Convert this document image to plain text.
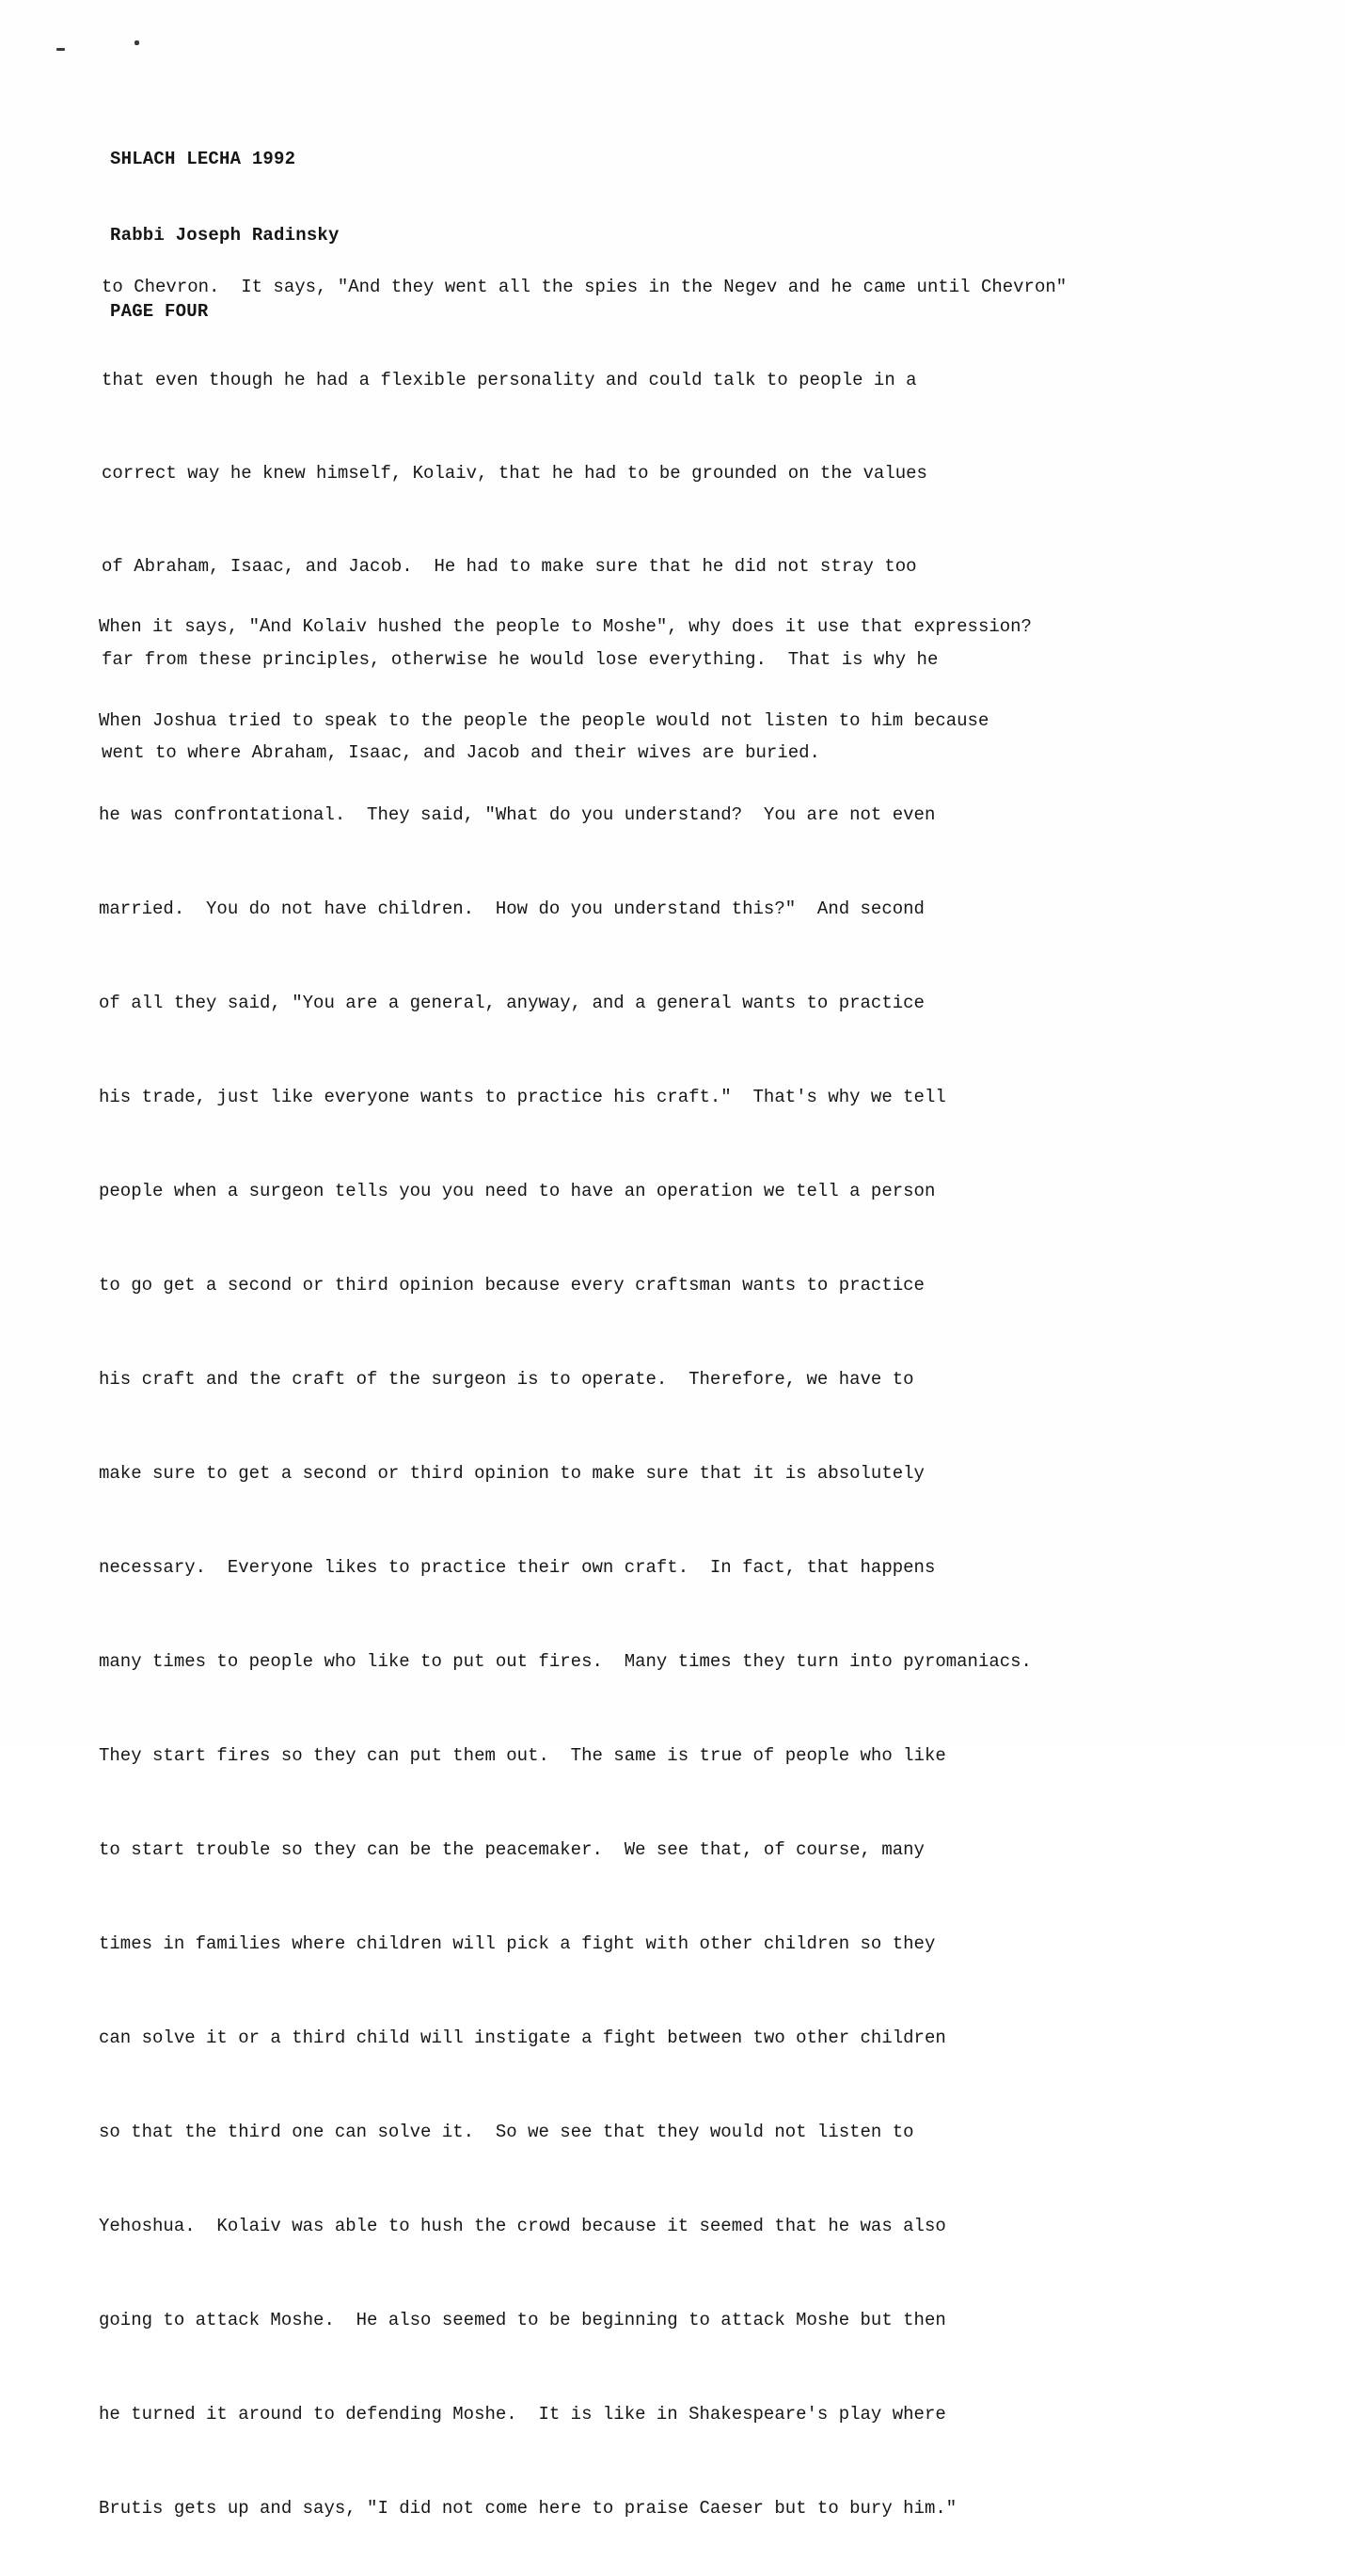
SHLACH LECHA 1992

Rabbi Joseph Radinsky

PAGE FOUR

to Chevron.  It says, "And they went all the spies in the Negev and he came until Chevron"

that even though he had a flexible personality and could talk to people in a

correct way he knew himself, Kolaiv, that he had to be grounded on the values

of Abraham, Isaac, and Jacob.  He had to make sure that he did not stray too

far from these principles, otherwise he would lose everything.  That is why he

went to where Abraham, Isaac, and Jacob and their wives are buried.

When it says, "And Kolaiv hushed the people to Moshe", why does it use that expression?

When Joshua tried to speak to the people the people would not listen to him because

he was confrontational.  They said, "What do you understand?  You are not even

married.  You do not have children.  How do you understand this?"  And second

of all they said, "You are a general, anyway, and a general wants to practice

his trade, just like everyone wants to practice his craft."  That's why we tell

people when a surgeon tells you you need to have an operation we tell a person

to go get a second or third opinion because every craftsman wants to practice

his craft and the craft of the surgeon is to operate.  Therefore, we have to

make sure to get a second or third opinion to make sure that it is absolutely

necessary.  Everyone likes to practice their own craft.  In fact, that happens

many times to people who like to put out fires.  Many times they turn into pyromaniacs.

They start fires so they can put them out.  The same is true of people who like

to start trouble so they can be the peacemaker.  We see that, of course, many

times in families where children will pick a fight with other children so they

can solve it or a third child will instigate a fight between two other children

so that the third one can solve it.  So we see that they would not listen to

Yehoshua.  Kolaiv was able to hush the crowd because it seemed that he was also

going to attack Moshe.  He also seemed to be beginning to attack Moshe but then

he turned it around to defending Moshe.  It is like in Shakespeare's play where

Brutis gets up and says, "I did not come here to praise Caeser but to bury him."
